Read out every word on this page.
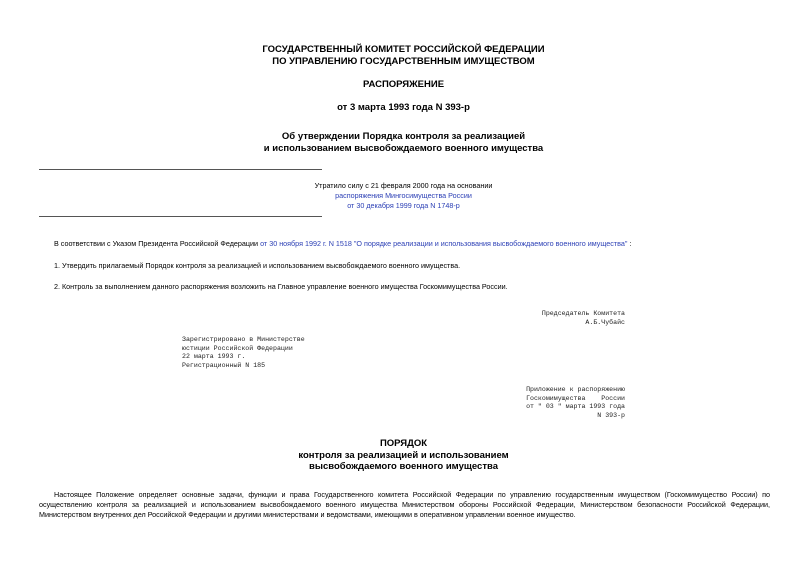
ГОСУДАРСТВЕННЫЙ КОМИТЕТ РОССИЙСКОЙ ФЕДЕРАЦИИ
ПО УПРАВЛЕНИЮ ГОСУДАРСТВЕННЫМ ИМУЩЕСТВОМ
РАСПОРЯЖЕНИЕ
от 3 марта 1993 года N 393-р
Об утверждении Порядка контроля за реализацией
и использованием высвобождаемого военного имущества
Утратило силу с 21 февраля 2000 года на основании
распоряжения Мингосимущества России
от 30 декабря 1999 года N 1748-р
В соответствии с Указом Президента Российской Федерации от 30 ноября 1992 г. N 1518 "О порядке реализации и использования высвобождаемого военного имущества" :
1. Утвердить прилагаемый Порядок контроля за реализацией и использованием высвобождаемого военного имущества.
2. Контроль за выполнением данного распоряжения возложить на Главное управление военного имущества Госкомимущества России.
Председатель Комитета
А.Б.Чубайс
Зарегистрировано в Министерстве
юстиции Российской Федерации
22 марта 1993 г.
Регистрационный N 185
Приложение к распоряжению
Госкомимущества    России
от " 03 " марта 1993 года
N 393-р
ПОРЯДОК
контроля за реализацией и использованием
высвобождаемого военного имущества
Настоящее Положение определяет основные задачи, функции и права Государственного комитета Российской Федерации по управлению государственным имуществом (Госкомимущество России) по осуществлению контроля за реализацией и использованием высвобождаемого военного имущества Министерством обороны Российской Федерации, Министерством безопасности Российской Федерации, Министерством внутренних дел Российской Федерации и другими министерствами и ведомствами, имеющими в оперативном управлении военное имущество.
